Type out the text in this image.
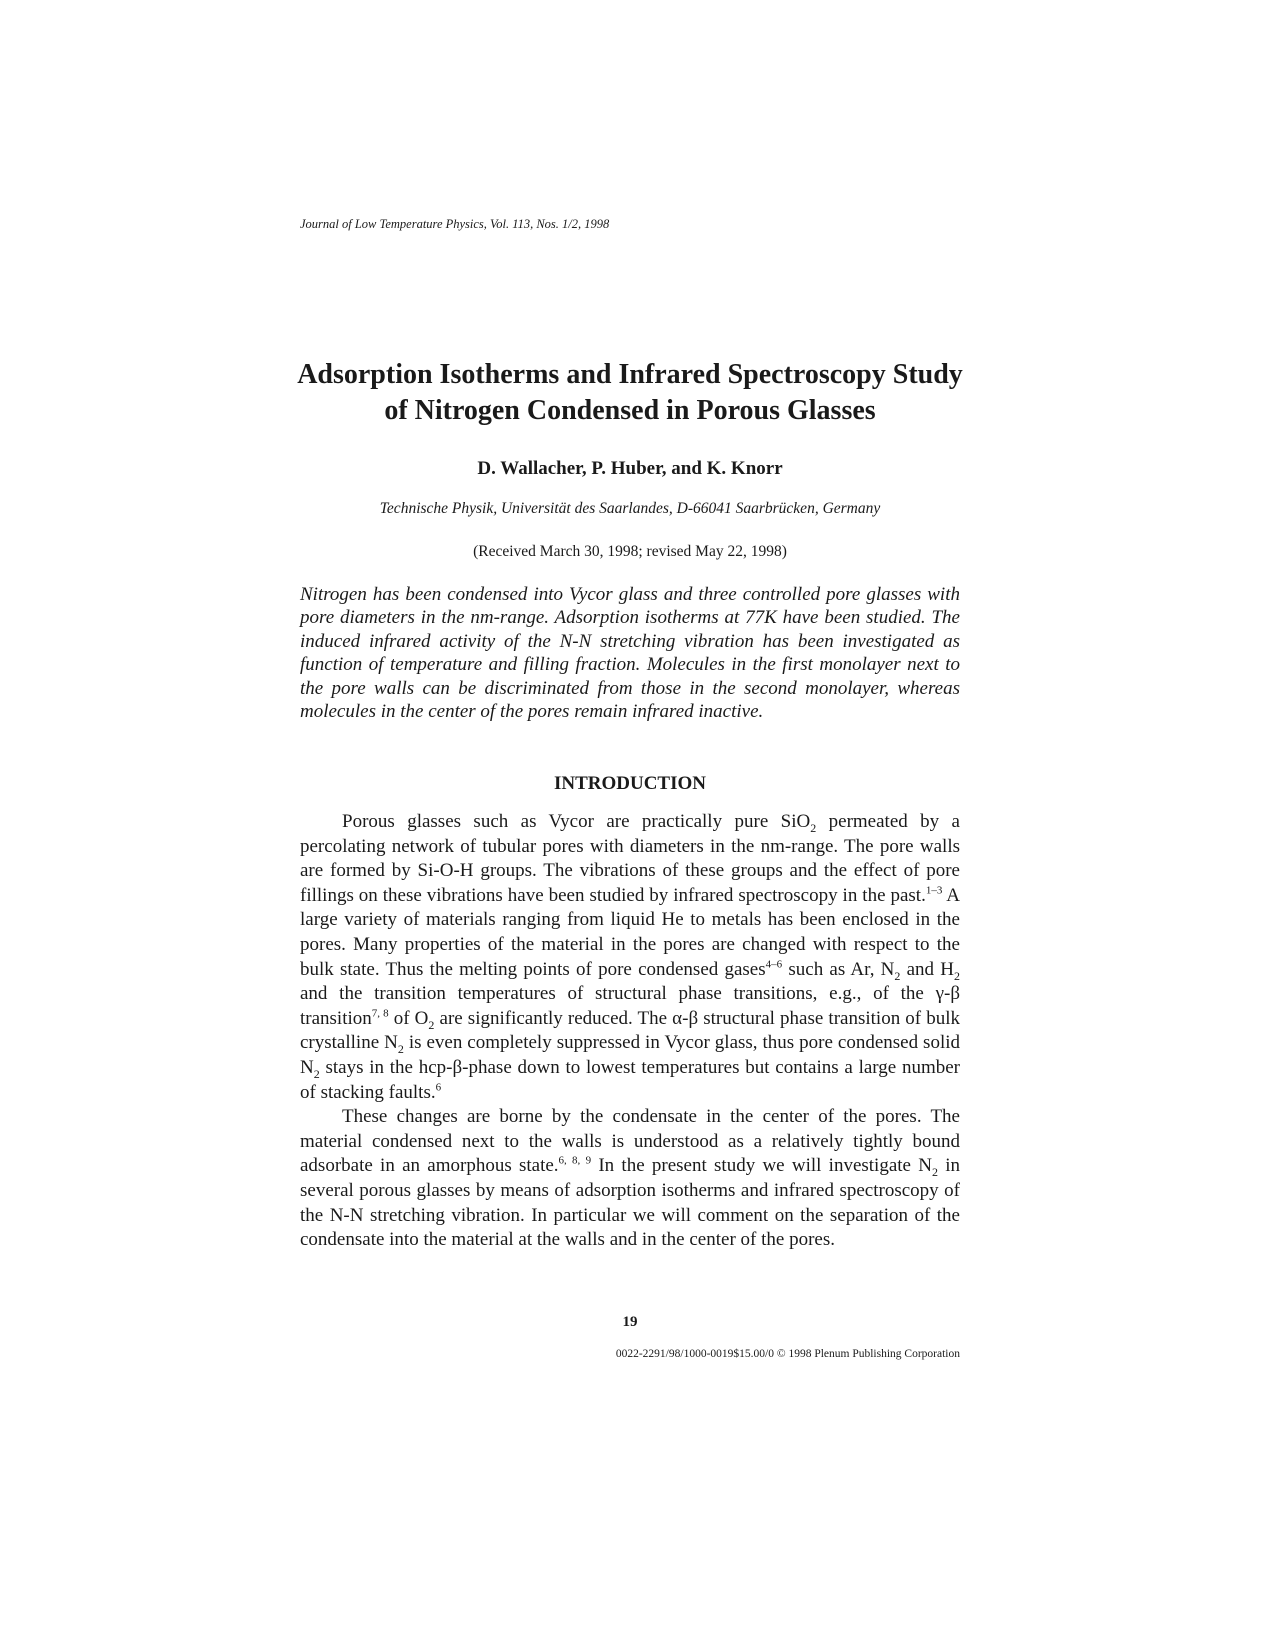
Journal of Low Temperature Physics, Vol. 113, Nos. 1/2, 1998
Adsorption Isotherms and Infrared Spectroscopy Study
of Nitrogen Condensed in Porous Glasses
D. Wallacher, P. Huber, and K. Knorr
Technische Physik, Universität des Saarlandes, D-66041 Saarbrücken, Germany
(Received March 30, 1998; revised May 22, 1998)

Nitrogen has been condensed into Vycor glass and three controlled pore glasses with pore diameters in the nm-range. Adsorption isotherms at 77K have been studied. The induced infrared activity of the N-N stretching vibration has been investigated as function of temperature and filling fraction. Molecules in the first monolayer next to the pore walls can be discriminated from those in the second monolayer, whereas molecules in the center of the pores remain infrared inactive.

INTRODUCTION

Porous glasses such as Vycor are practically pure SiO$_2$ permeated by a percolating network of tubular pores with diameters in the nm-range. The pore walls are formed by Si-O-H groups. The vibrations of these groups and the effect of pore fillings on these vibrations have been studied by infrared spectroscopy in the past.$^{1-3}$ A large variety of materials ranging from liquid He to metals has been enclosed in the pores. Many properties of the material in the pores are changed with respect to the bulk state. Thus the melting points of pore condensed gases$^{4-6}$ such as Ar, $N_2$ and $H_2$ and the transition temperatures of structural phase transitions, e.g., of the γ-β transition$^{7, 8}$ of $O_2$ are significantly reduced. The α-β structural phase transition of bulk crystalline $N_2$ is even completely suppressed in Vycor glass, thus pore condensed solid $N_2$ stays in the hcp-β-phase down to lowest temperatures but contains a large number of stacking faults.$^6$

These changes are borne by the condensate in the center of the pores. The material condensed next to the walls is understood as a relatively tightly bound adsorbate in an amorphous state.$^{6, 8, 9}$ In the present study we will investigate $N_2$ in several porous glasses by means of adsorption isotherms and infrared spectroscopy of the N-N stretching vibration. In particular we will comment on the separation of the condensate into the material at the walls and in the center of the pores.

19
0022-2291/98/1000-0019$15.00/0 © 1998 Plenum Publishing Corporation
